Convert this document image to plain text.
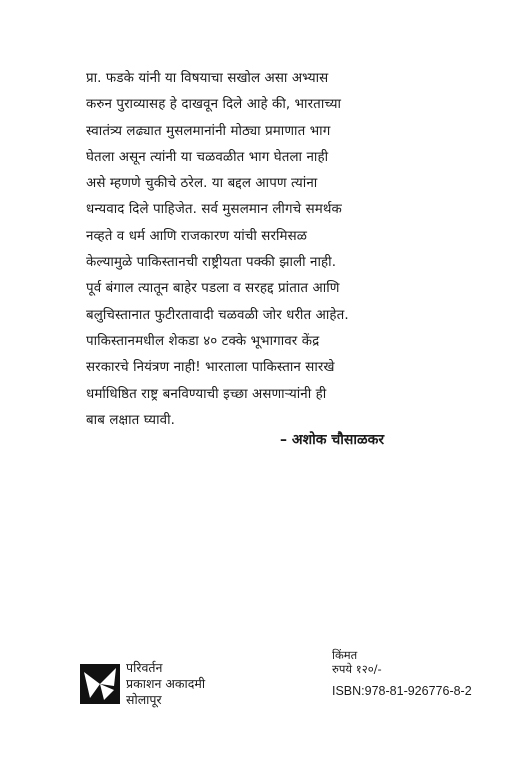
प्रा. फडके यांनी या विषयाचा सखोल असा अभ्यास
करुन पुराव्यासह हे दाखवून दिले आहे की, भारताच्या
स्वातंत्र्य लढ्यात मुसलमानांनी मोठ्या प्रमाणात भाग
घेतला असून त्यांनी या चळवळीत भाग घेतला नाही
असे म्हणणे चुकीचे ठरेल. या बद्दल आपण त्यांना
धन्यवाद दिले पाहिजेत. सर्व मुसलमान लीगचे समर्थक
नव्हते व धर्म आणि राजकारण यांची सरमिसळ
केल्यामुळे पाकिस्तानची राष्ट्रीयता पक्की झाली नाही.
पूर्व बंगाल त्यातून बाहेर पडला व सरहद्द प्रांतात आणि
बलुचिस्तानात फुटीरतावादी चळवळी जोर धरीत आहेत.
पाकिस्तानमधील शेकडा ४० टक्के भूभागावर केंद्र
सरकारचे नियंत्रण नाही! भारताला पाकिस्तान सारखे
धर्माधिष्ठित राष्ट्र बनविण्याची इच्छा असणाऱ्यांनी ही
बाब लक्षात घ्यावी.
– अशोक चौसाळकर
परिवर्तन
प्रकाशन अकादमी
सोलापूर
किंमत
रुपये १२०/-
ISBN:978-81-926776-8-2
